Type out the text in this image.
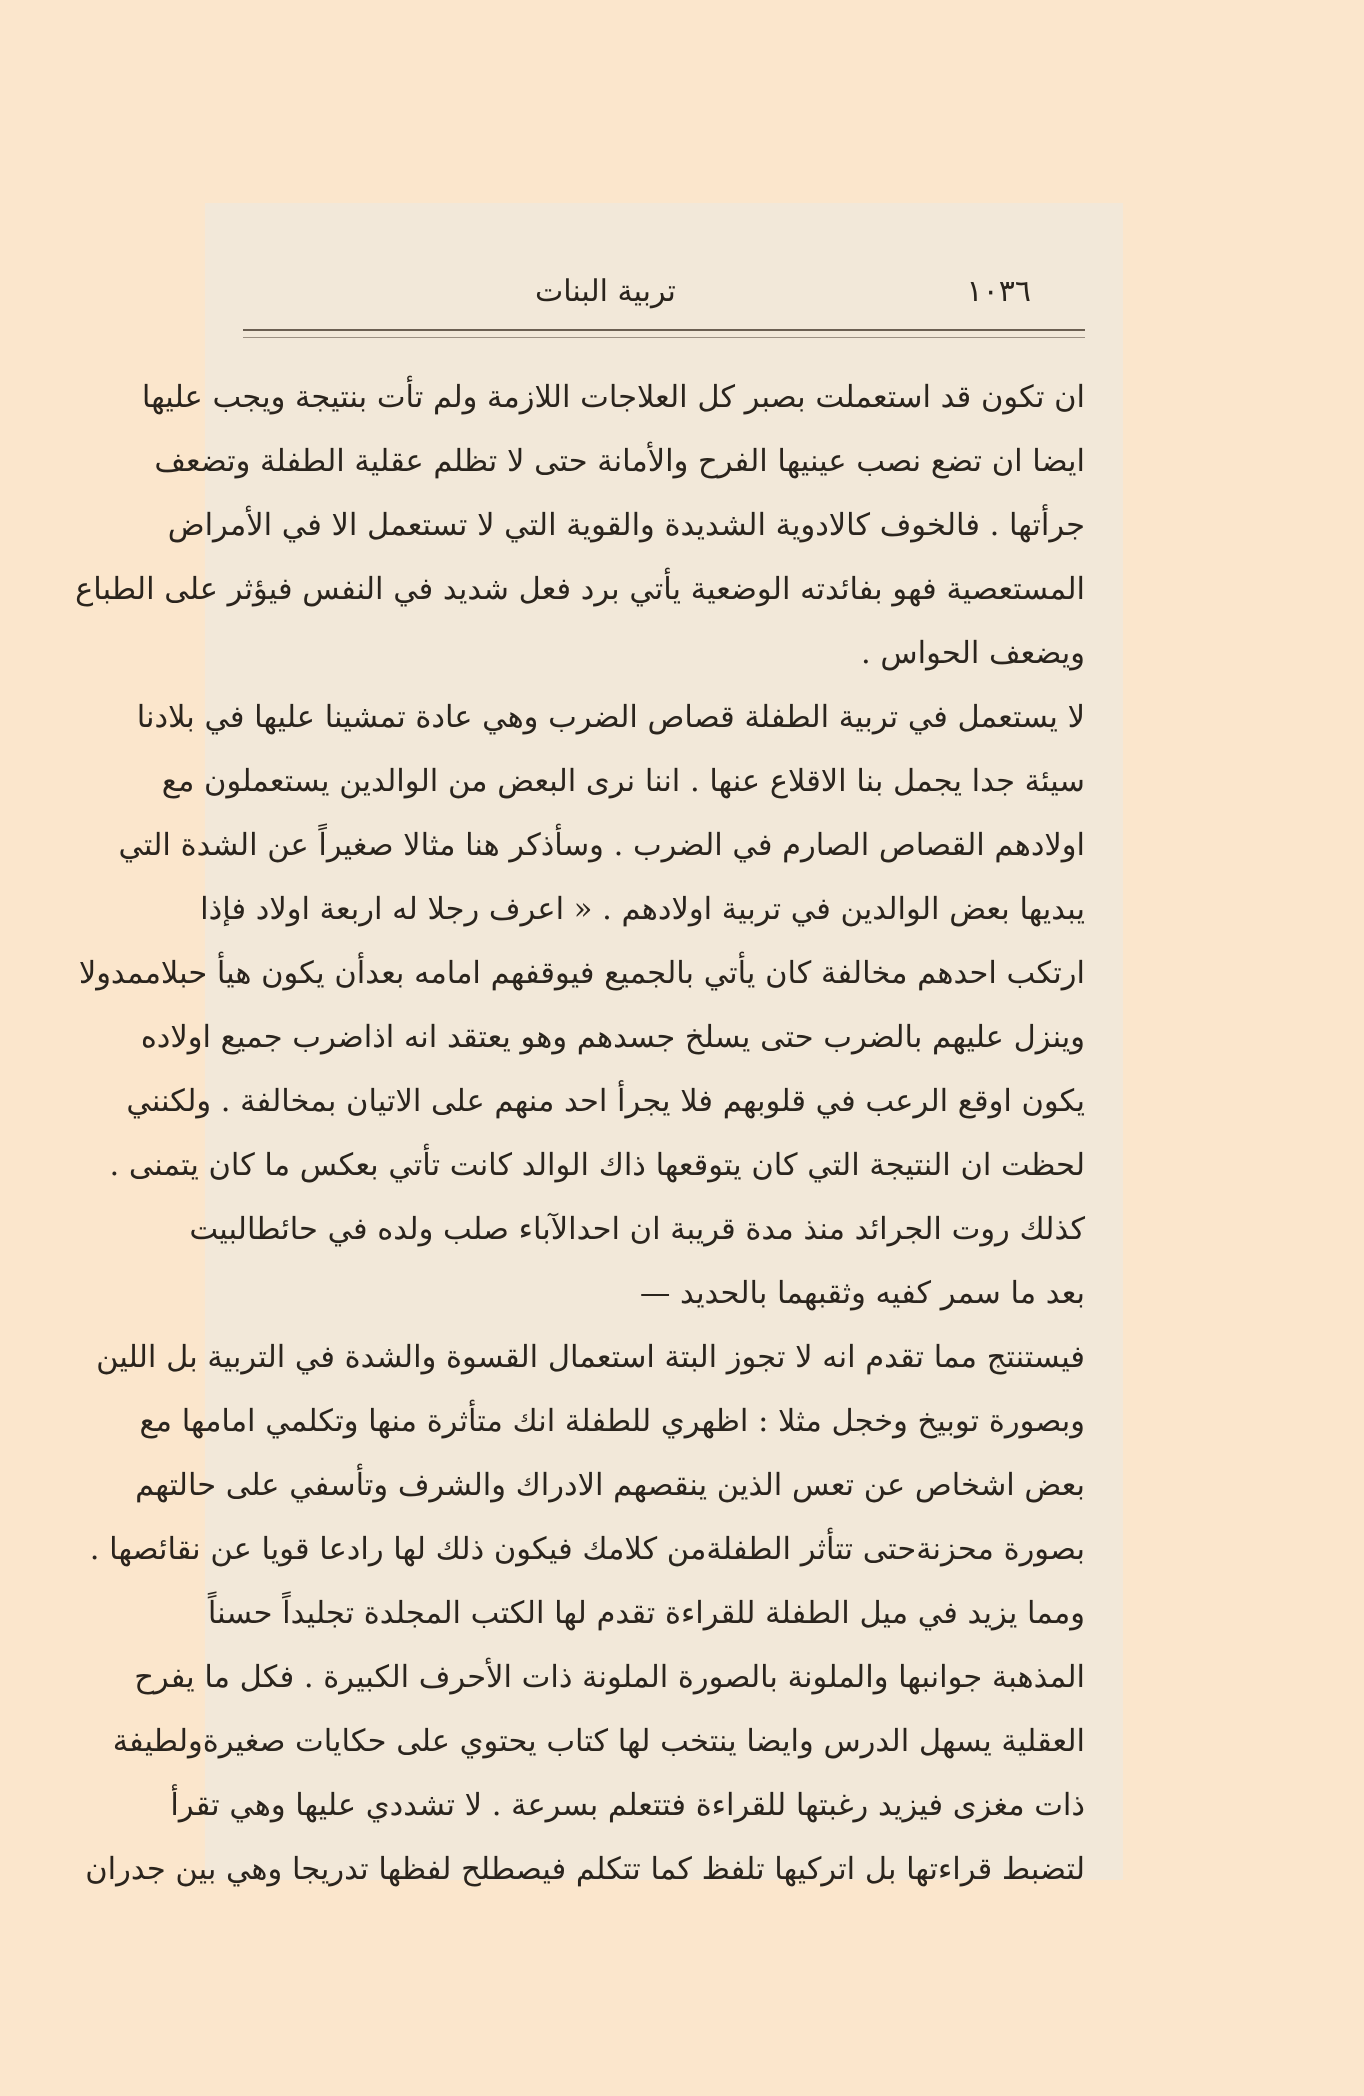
١٠٣٦
تربية البنات
ان تكون قد استعملت بصبر كل العلاجات اللازمة ولم تأت بنتيجة ويجب عليها
ايضا ان تضع نصب عينيها الفرح والأمانة حتى لا تظلم عقلية الطفلة وتضعف
جرأتها . فالخوف كالادوية الشديدة والقوية التي لا تستعمل الا في الأمراض
المستعصية فهو بفائدته الوضعية يأتي برد فعل شديد في النفس فيؤثر على الطباع
ويضعف الحواس .
لا يستعمل في تربية الطفلة قصاص الضرب وهي عادة تمشينا عليها في بلادنا
سيئة جدا يجمل بنا الاقلاع عنها . اننا نرى البعض من الوالدين يستعملون مع
اولادهم القصاص الصارم في الضرب . وسأذكر هنا مثالا صغيراً عن الشدة التي
يبديها بعض الوالدين في تربية اولادهم . « اعرف رجلا له اربعة اولاد فإذا
ارتكب احدهم مخالفة كان يأتي بالجميع فيوقفهم امامه بعدأن يكون هيأ حبلاممدولا
وينزل عليهم بالضرب حتى يسلخ جسدهم وهو يعتقد انه اذاضرب جميع اولاده
يكون اوقع الرعب في قلوبهم فلا يجرأ احد منهم على الاتيان بمخالفة . ولكنني
لحظت ان النتيجة التي كان يتوقعها ذاك الوالد كانت تأتي بعكس ما كان يتمنى .
كذلك روت الجرائد منذ مدة قريبة ان احدالآباء صلب ولده في حائطالبيت
بعد ما سمر كفيه وثقبهما بالحديد —
فيستنتج مما تقدم انه لا تجوز البتة استعمال القسوة والشدة في التربية بل اللين
وبصورة توبيخ وخجل مثلا : اظهري للطفلة انك متأثرة منها وتكلمي امامها مع
بعض اشخاص عن تعس الذين ينقصهم الادراك والشرف وتأسفي على حالتهم
بصورة محزنةحتى تتأثر الطفلةمن كلامك فيكون ذلك لها رادعا قويا عن نقائصها .
ومما يزيد في ميل الطفلة للقراءة تقدم لها الكتب المجلدة تجليداً حسناً
المذهبة جوانبها والملونة بالصورة الملونة ذات الأحرف الكبيرة . فكل ما يفرح
العقلية يسهل الدرس وايضا ينتخب لها كتاب يحتوي على حكايات صغيرةولطيفة
ذات مغزى فيزيد رغبتها للقراءة فتتعلم بسرعة . لا تشددي عليها وهي تقرأ
لتضبط قراءتها بل اتركيها تلفظ كما تتكلم فيصطلح لفظها تدريجا وهي بين جدران
